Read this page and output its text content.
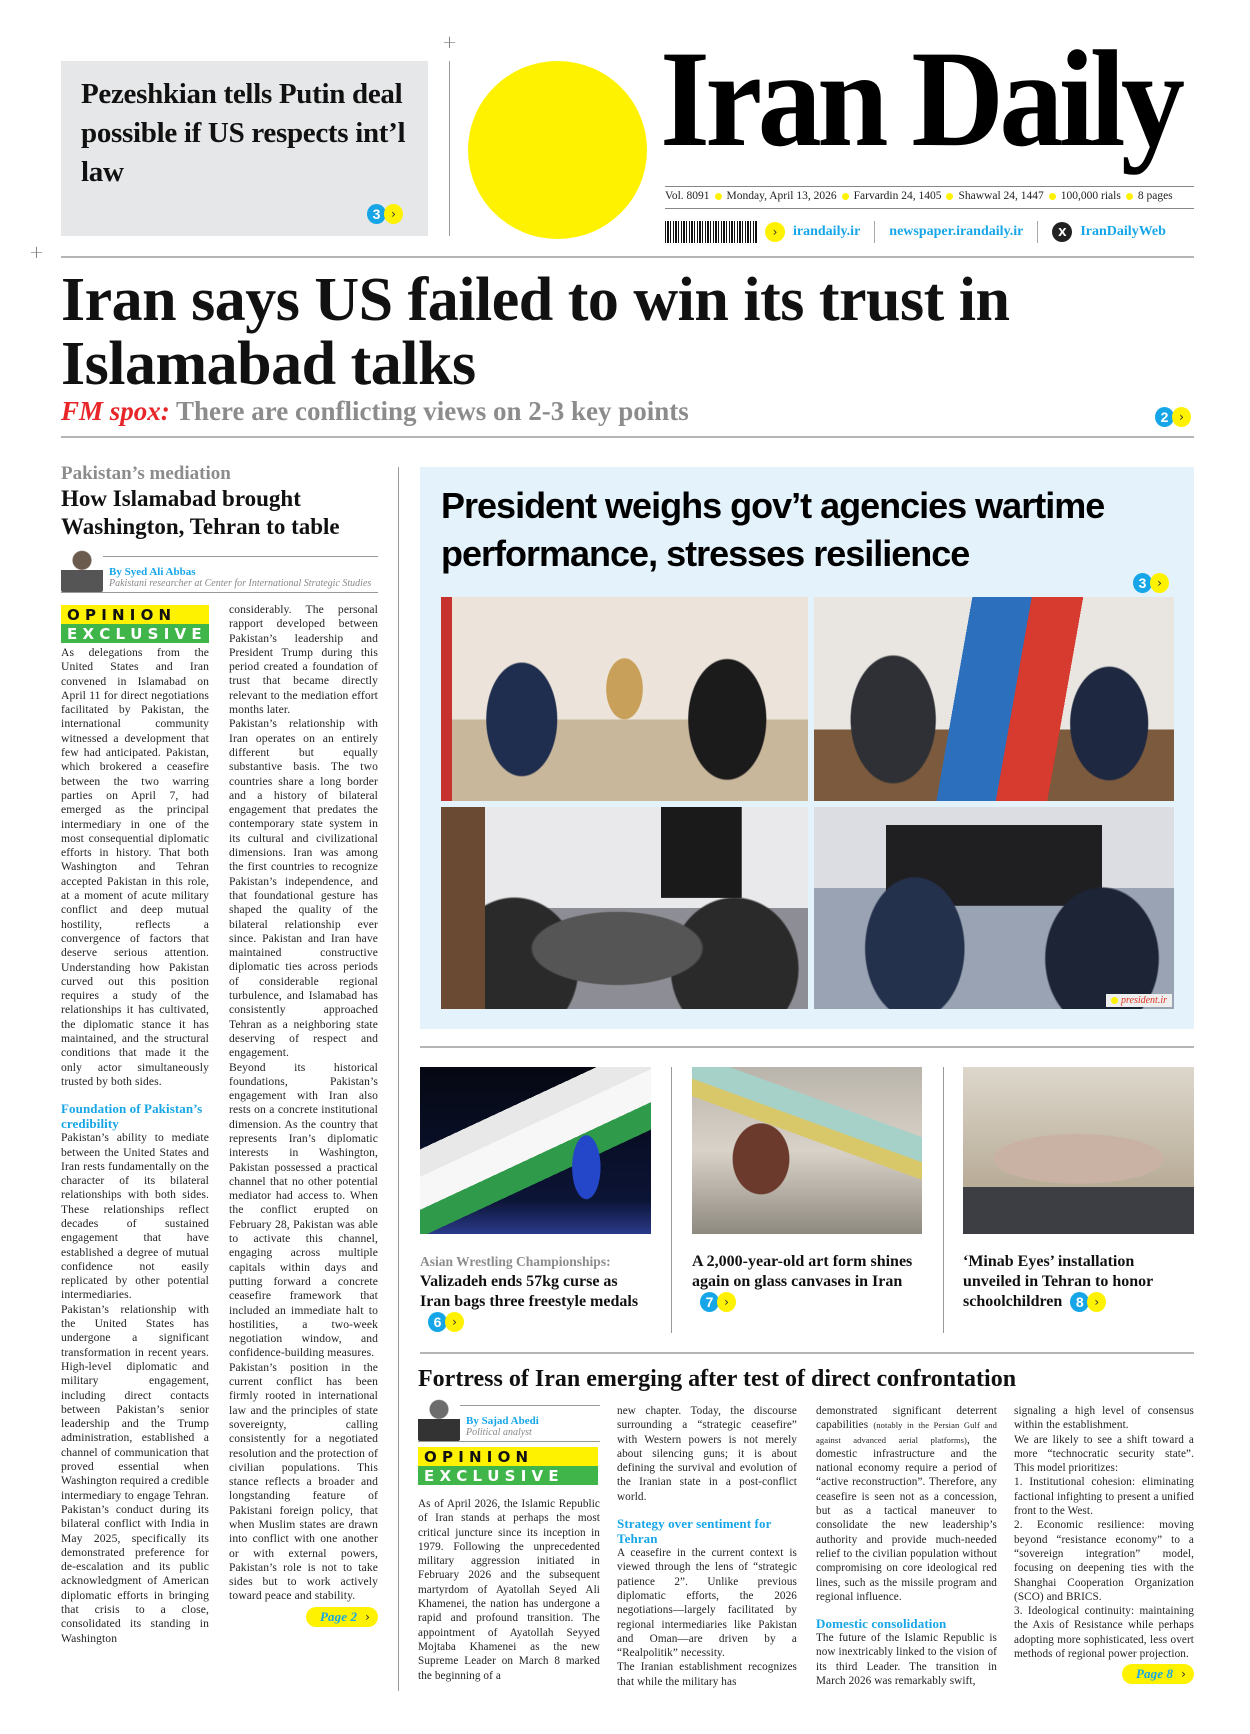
+
+
Pezeshkian tells Putin deal possible if US respects int’l law
3 ›
Iran Daily
Vol. 8091 Monday, April 13, 2026 Farvardin 24, 1405 Shawwal 24, 1447 100,000 rials 8 pages
›	irandaily.ir newspaper.irandaily.ir	X IranDailyWeb
Iran says US failed to win its trust in Islamabad talks
FM spox: There are conflicting views on 2-3 key points	2 ›
Pakistan’s mediation
How Islamabad brought Washington, Tehran to table
By Syed Ali Abbas
Pakistani researcher at Center for International Strategic Studies
O P I N I O N
E X C L U S I V E

As delegations from the United States and Iran convened in Islamabad on April 11 for direct negotiations facilitated by Pakistan, the international community witnessed a development that few had anticipated. Pakistan, which brokered a ceasefire between the two warring parties on April 7, had emerged as the principal intermediary in one of the most consequential diplomatic efforts in history. That both Washington and Tehran accepted Pakistan in this role, at a moment of acute military conflict and deep mutual hostility, reflects a convergence of factors that deserve serious attention. Understanding how Pakistan curved out this position requires a study of the relationships it has cultivated, the diplomatic stance it has maintained, and the structural conditions that made it the only actor simultaneously trusted by both sides.

Foundation of Pakistan’s credibility

Pakistan’s ability to mediate between the United States and Iran rests fundamentally on the character of its bilateral relationships with both sides. These relationships reflect decades of sustained engagement that have established a degree of mutual confidence not easily replicated by other potential intermediaries.

Pakistan’s relationship with the United States has undergone a significant transformation in recent years. High-level diplomatic and military engagement, including direct contacts between Pakistan’s senior leadership and the Trump administration, established a channel of communication that proved essential when Washington required a credible intermediary to engage Tehran. Pakistan’s conduct during its bilateral conflict with India in May 2025, specifically its demonstrated preference for de-escalation and its public acknowledgment of American diplomatic efforts in bringing that crisis to a close, consolidated its standing in Washington

considerably. The personal rapport developed between Pakistan’s leadership and President Trump during this period created a foundation of trust that became directly relevant to the mediation effort months later.

Pakistan’s relationship with Iran operates on an entirely different but equally substantive basis. The two countries share a long border and a history of bilateral engagement that predates the contemporary state system in its cultural and civilizational dimensions. Iran was among the first countries to recognize Pakistan’s independence, and that foundational gesture has shaped the quality of the bilateral relationship ever since. Pakistan and Iran have maintained constructive diplomatic ties across periods of considerable regional turbulence, and Islamabad has consistently approached Tehran as a neighboring state deserving of respect and engagement.

Beyond its historical foundations, Pakistan’s engagement with Iran also rests on a concrete institutional dimension. As the country that represents Iran’s diplomatic interests in Washington, Pakistan possessed a practical channel that no other potential mediator had access to. When the conflict erupted on February 28, Pakistan was able to activate this channel, engaging across multiple capitals within days and putting forward a concrete ceasefire framework that included an immediate halt to hostilities, a two-week negotiation window, and confidence-building measures.

Pakistan’s position in the current conflict has been firmly rooted in international law and the principles of state sovereignty, calling consistently for a negotiated resolution and the protection of civilian populations. This stance reflects a broader and longstanding feature of Pakistani foreign policy, that when Muslim states are drawn into conflict with one another or with external powers, Pakistan’s role is not to take sides but to work actively toward peace and stability.

Page 2 ›
President weighs gov’t agencies wartime performance, stresses resilience
3 ›
president.ir
Asian Wrestling Championships:
Valizadeh ends 57kg curse as Iran bags three freestyle medals
6 ›
A 2,000-year-old art form shines again on glass canvases in Iran
7 ›
‘Minab Eyes’ installation unveiled in Tehran to honor schoolchildren 8 ›
Fortress of Iran emerging after test of direct confrontation
By Sajad Abedi
Political analyst
O P I N I O N
E X C L U S I V E

As of April 2026, the Islamic Republic of Iran stands at perhaps the most critical juncture since its inception in 1979. Following the unprecedented military aggression initiated in February 2026 and the subsequent martyrdom of Ayatollah Seyed Ali Khamenei, the nation has undergone a rapid and profound transition. The appointment of Ayatollah Seyyed Mojtaba Khamenei as the new Supreme Leader on March 8 marked the beginning of a

new chapter. Today, the discourse surrounding a “strategic ceasefire” with Western powers is not merely about silencing guns; it is about defining the survival and evolution of the Iranian state in a post-conflict world.

Strategy over sentiment for Tehran

A ceasefire in the current context is viewed through the lens of “strategic patience 2”. Unlike previous diplomatic efforts, the 2026 negotiations—largely facilitated by regional intermediaries like Pakistan and Oman—are driven by a “Realpolitik” necessity.

The Iranian establishment recognizes that while the military has

demonstrated significant deterrent capabilities (notably in the Persian Gulf and against advanced aerial platforms), the domestic infrastructure and the national economy require a period of “active reconstruction”. Therefore, any ceasefire is seen not as a concession, but as a tactical maneuver to consolidate the new leadership’s authority and provide much-needed relief to the civilian population without compromising on core ideological red lines, such as the missile program and regional influence.

Domestic consolidation

The future of the Islamic Republic is now inextricably linked to the vision of its third Leader. The transition in March 2026 was remarkably swift,

signaling a high level of consensus within the establishment.

We are likely to see a shift toward a more “technocratic security state”. This model prioritizes:

1. Institutional cohesion: eliminating factional infighting to present a unified front to the West.

2. Economic resilience: moving beyond “resistance economy” to a “sovereign integration” model, focusing on deepening ties with the Shanghai Cooperation Organization (SCO) and BRICS.

3. Ideological continuity: maintaining the Axis of Resistance while perhaps adopting more sophisticated, less overt methods of regional power projection.

Page 8 ›
